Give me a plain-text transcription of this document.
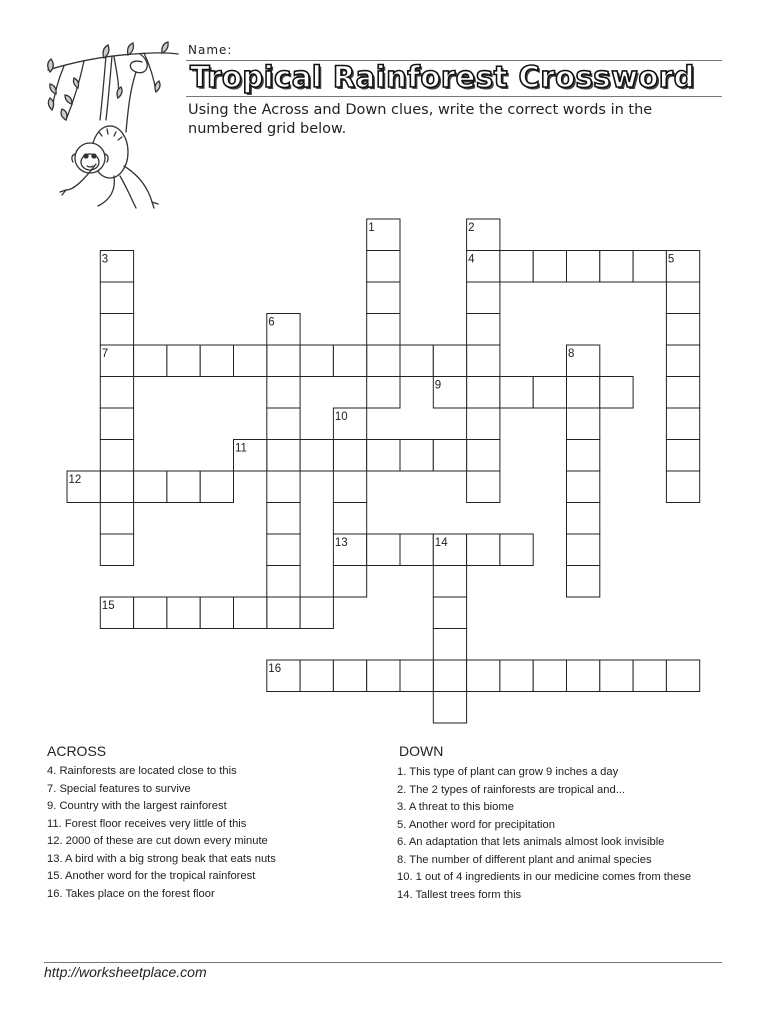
Name:
Tropical Rainforest Crossword
Using the Across and Down clues, write the correct words in the numbered grid below.
1	2
3	4	5
6
7	8
9
10
11
12
13	14
15
16
ACROSS
4. Rainforests are located close to this
7. Special features to survive
9. Country with the largest rainforest
11. Forest floor receives very little of this
12. 2000 of these are cut down every minute
13. A bird with a big strong beak that eats nuts
15. Another word for the tropical rainforest
16. Takes place on the forest floor
DOWN
1. This type of plant can grow 9 inches a day
2. The 2 types of rainforests are tropical and...
3. A threat to this biome
5. Another word for precipitation
6. An adaptation that lets animals almost look invisible
8. The number of different plant and animal species
10. 1 out of 4 ingredients in our medicine comes from these
14. Tallest trees form this
http://worksheetplace.com
